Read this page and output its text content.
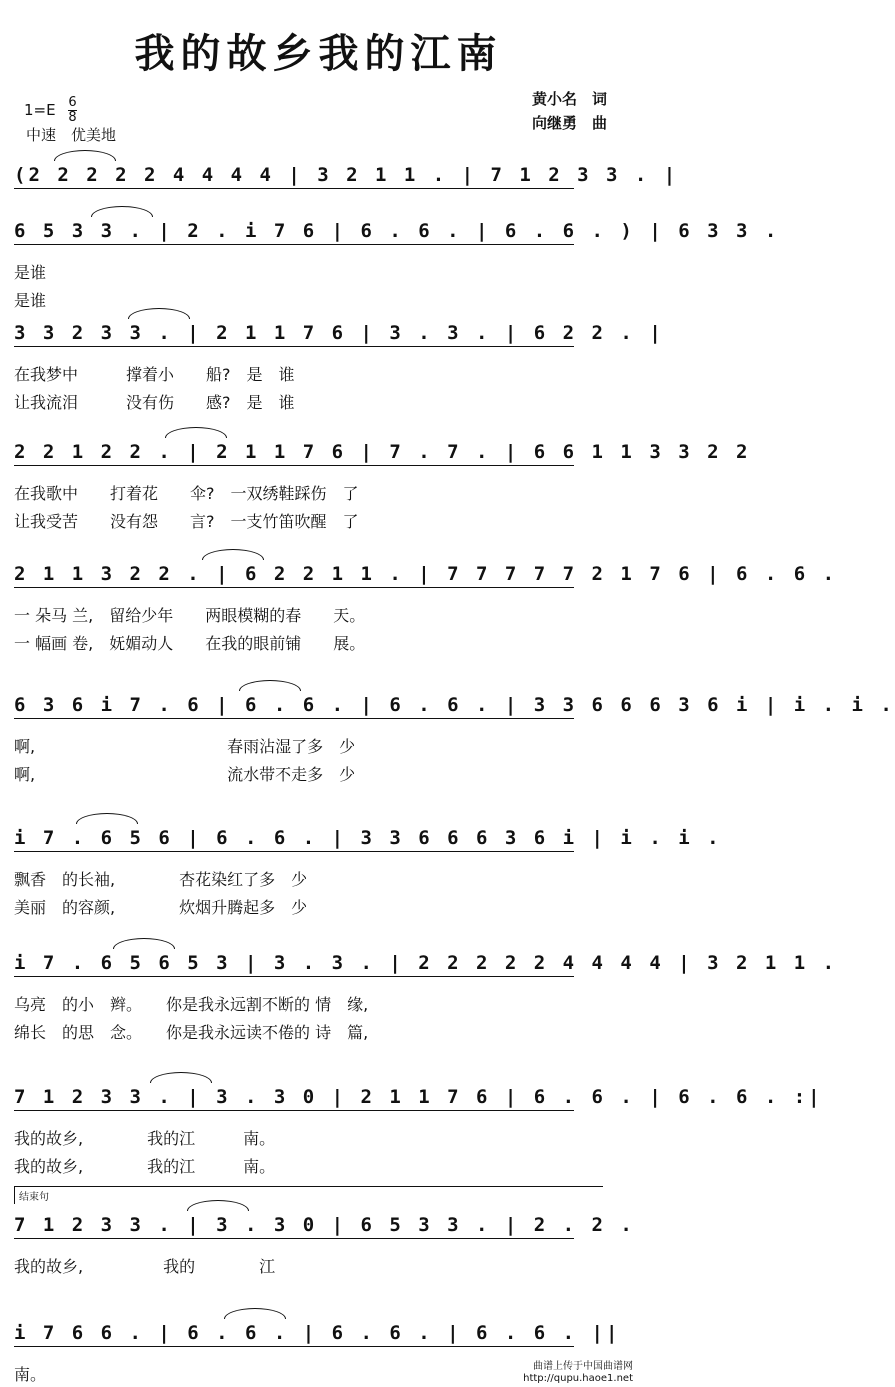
我的故乡我的江南
$1=E \frac{6}{8}$
中速　优美地
黄小名　词
向继勇　曲
(2 2 2 2 2 4 4 4 4 | 3 2 1 1 . | 7 1 2 3 3 . |
6 5 3 3 . | 2 . i 7 6 | 6 . 6 . | 6 . 6 . ) | 6 3 3 .
是谁
是谁
3 3 2 3 3 . | 2 1 1 7 6 | 3 . 3 . | 6 2 2 . |
在我梦中　　　撑着小　　船?　是　谁
让我流泪　　　没有伤　　感?　是　谁
2 2 1 2 2 . | 2 1 1 7 6 | 7 . 7 . | 6 6 1 1 3 3 2 2
在我歌中　　打着花　　伞?　一双绣鞋踩伤　了
让我受苦　　没有怨　　言?　一支竹笛吹醒　了
2 1 1 3 2 2 . | 6 2 2 1 1 . | 7 7 7 7 7 2 1 7 6 | 6 . 6 .
一 朵马 兰,　留给少年　　两眼模糊的春　　天。
一 幅画 卷,　妩媚动人　　在我的眼前铺　　展。
6 3 6 i 7 . 6 | 6 . 6 . | 6 . 6 . | 3 3 6 6 6 3 6 i | i . i .
啊,　　　　　　　　　　　　春雨沾湿了多　少
啊,　　　　　　　　　　　　流水带不走多　少
i 7 . 6 5 6 | 6 . 6 . | 3 3 6 6 6 3 6 i | i . i .
飘香　的长袖,　　　　杏花染红了多　少
美丽　的容颜,　　　　炊烟升腾起多　少
i 7 . 6 5 6 5 3 | 3 . 3 . | 2 2 2 2 2 4 4 4 4 | 3 2 1 1 .
乌亮　的小　辫。　　你是我永远割不断的 情　缘,
绵长　的思　念。　　你是我永远读不倦的 诗　篇,
7 1 2 3 3 . | 3 . 3 0 | 2 1 1 7 6 | 6 . 6 . | 6 . 6 . :|
我的故乡,　　　　我的江　　　南。
我的故乡,　　　　我的江　　　南。
7 1 2 3 3 . | 3 . 3 0 | 6 5 3 3 . | 2 . 2 .
我的故乡,　　　　　我的　　　　江
i 7 6 6 . | 6 . 6 . | 6 . 6 . | 6 . 6 . ||
南。
结束句
曲谱上传于中国曲谱网
http://qupu.haoe1.net
